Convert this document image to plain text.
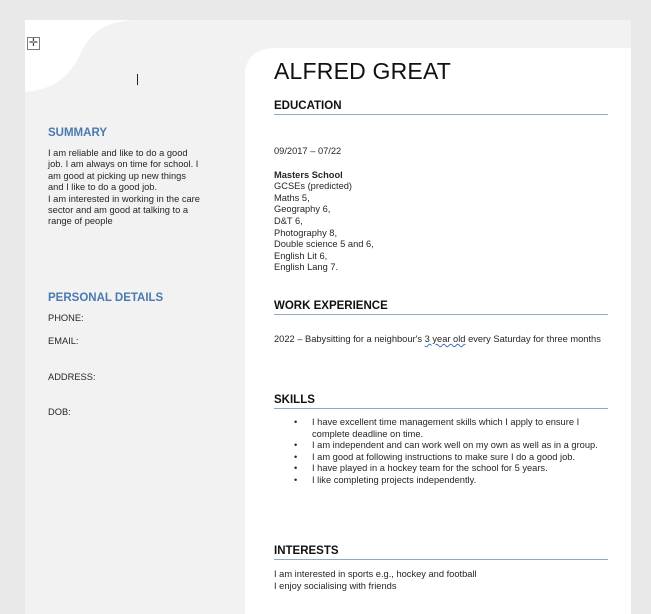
✛
SUMMARY
I am reliable and like to do a good
job. I am always on time for school. I
am good at picking up new things
and I like to do a good job.
I am interested in working in the care
sector and am good at talking to a
range of people
PERSONAL DETAILS
PHONE:
EMAIL:
ADDRESS:
DOB:
ALFRED GREAT
EDUCATION
09/2017 – 07/22
Masters School
GCSEs (predicted)
Maths 5,
Geography 6,
D&T 6,
Photography 8,
Double science 5 and 6,
English Lit 6,
English Lang 7.
WORK EXPERIENCE

2022 – Babysitting for a neighbour's 3 year old every Saturday for three months

SKILLS
• I have excellent time management skills which I apply to ensure I complete deadline on time.
• I am independent and can work well on my own as well as in a group.
• I am good at following instructions to make sure I do a good job.
• I have played in a hockey team for the school for 5 years.
• I like completing projects independently.
INTERESTS
I am interested in sports e.g., hockey and football
I enjoy socialising with friends
